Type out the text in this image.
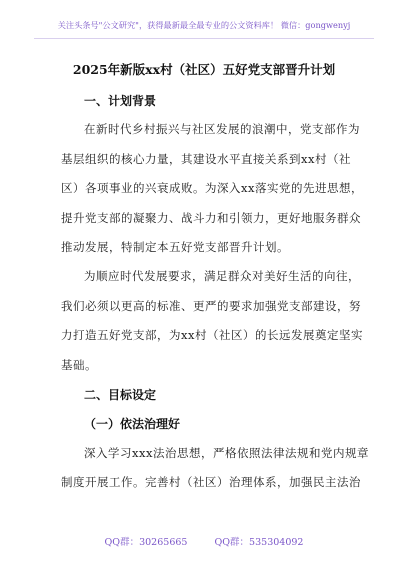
关注头条号"公文研究"，获得最新最全最专业的公文资料库！ 微信：gongwenyj
2025年新版xx村（社区）五好党支部晋升计划
一、计划背景
在新时代乡村振兴与社区发展的浪潮中，党支部作为
基层组织的核心力量，其建设水平直接关系到xx村（社
区）各项事业的兴衰成败。为深入xx落实党的先进思想，
提升党支部的凝聚力、战斗力和引领力，更好地服务群众
推动发展，特制定本五好党支部晋升计划。
为顺应时代发展要求，满足群众对美好生活的向往，
我们必须以更高的标准、更严的要求加强党支部建设，努
力打造五好党支部，为xx村（社区）的长远发展奠定坚实
基础。
二、目标设定
（一）依法治理好
深入学习xxx法治思想，严格依照法律法规和党内规章
制度开展工作。完善村（社区）治理体系，加强民主法治
QQ群：30265665	QQ群：535304092
